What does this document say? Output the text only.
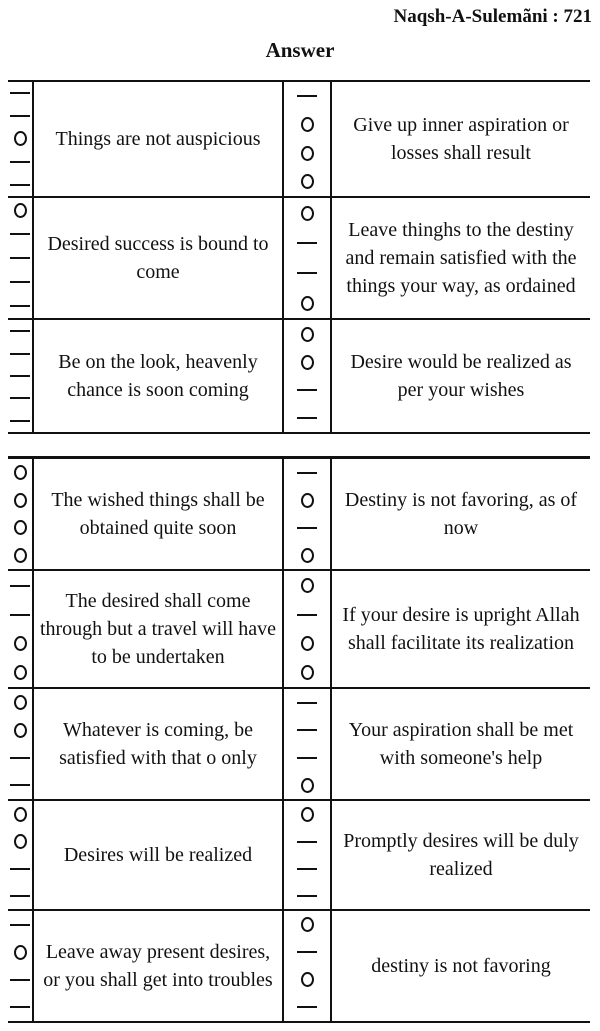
Naqsh-A-Sulemãni : 721
Answer

	Things are not auspicious		Give up inner aspiration or losses shall result

	Desired success is bound to come		Leave thinghs to the destiny and remain satisfied with the things your way, as ordained

	Be on the look, heavenly chance is soon coming		Desire would be realized as per your wishes

	The wished things shall be obtained quite soon		Destiny is not favoring, as of now

	The desired shall come through but a travel will have to be undertaken		If your desire is upright Allah shall facilitate its realization

	Whatever is coming, be satisfied with that o only		Your aspiration shall be met with someone's help

	Desires will be realized		Promptly desires will be duly realized

	Leave away present desires, or you shall get into troubles		destiny is not favoring
